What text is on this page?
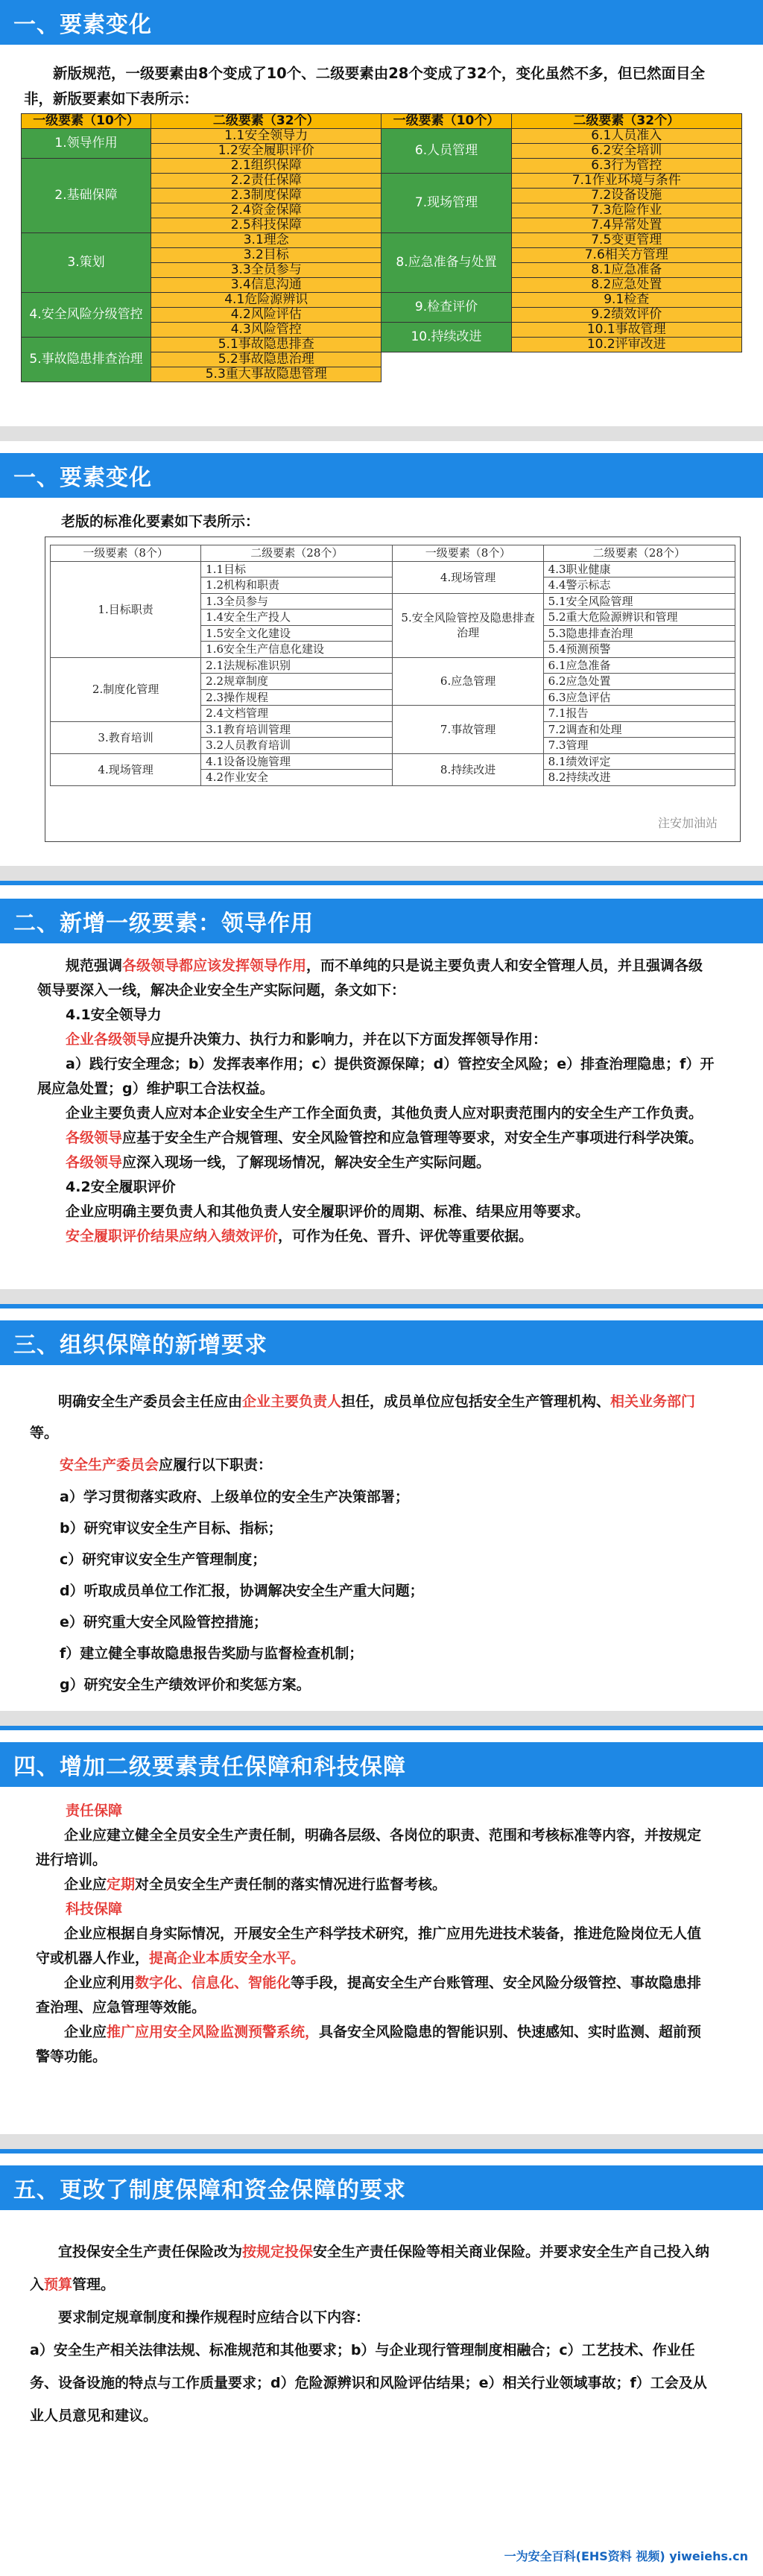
一、要素变化
新版规范，一级要素由8个变成了10个、二级要素由28个变成了32个，变化虽然不多，但已然面目全非，新版要素如下表所示：
一级要素（10个）	二级要素（32个）	一级要素（10个）	二级要素（32个）
1.领导作用	1.1安全领导力	6.人员管理	6.1人员准入
	1.2安全履职评价		6.2安全培训
2.基础保障	2.1组织保障		6.3行为管控
	2.2责任保障	7.现场管理	7.1作业环境与条件
	2.3制度保障		7.2设备设施
	2.4资金保障		7.3危险作业
	2.5科技保障		7.4异常处置
3.策划	3.1理念	8.应急准备与处置	7.5变更管理
	3.2目标		7.6相关方管理
	3.3全员参与		8.1应急准备
	3.4信息沟通		8.2应急处置
4.安全风险分级管控	4.1危险源辨识	9.检查评价	9.1检查
	4.2风险评估		9.2绩效评价
	4.3风险管控	10.持续改进	10.1事故管理
5.事故隐患排查治理	5.1事故隐患排查		10.2评审改进
	5.2事故隐患治理		
	5.3重大事故隐患管理		
一、要素变化
老版的标准化要素如下表所示：
一级要素（8个）	二级要素（28个）	一级要素（8个）	二级要素（28个）
1.目标职责	1.1目标	4.现场管理	4.3职业健康
	1.2机构和职责		4.4警示标志
	1.3全员参与	5.安全风险管控及隐患排查治理	5.1安全风险管理
	1.4安全生产投人		5.2重大危险源辨识和管理
	1.5安全文化建设		5.3隐患排查治理
	1.6安全生产信息化建设		5.4预测预警
2.制度化管理	2.1法规标准识别	6.应急管理	6.1应急准备
	2.2规章制度		6.2应急处置
	2.3操作规程		6.3应急评估
	2.4文档管理	7.事故管理	7.1报告
3.教育培训	3.1教育培训管理		7.2调查和处理
	3.2人员教育培训		7.3管理
4.现场管理	4.1设备设施管理	8.持续改进	8.1绩效评定
	4.2作业安全		8.2持续改进
注安加油站
二、新增一级要素：领导作用
规范强调各级领导都应该发挥领导作用，而不单纯的只是说主要负责人和安全管理人员，并且强调各级领导要深入一线，解决企业安全生产实际问题，条文如下：
4.1安全领导力
企业各级领导应提升决策力、执行力和影响力，并在以下方面发挥领导作用：
a）践行安全理念；b）发挥表率作用；c）提供资源保障；d）管控安全风险；e）排查治理隐患；f）开展应急处置；g）维护职工合法权益。
企业主要负责人应对本企业安全生产工作全面负责，其他负责人应对职责范围内的安全生产工作负责。
各级领导应基于安全生产合规管理、安全风险管控和应急管理等要求，对安全生产事项进行科学决策。
各级领导应深入现场一线，了解现场情况，解决安全生产实际问题。
4.2安全履职评价
企业应明确主要负责人和其他负责人安全履职评价的周期、标准、结果应用等要求。
安全履职评价结果应纳入绩效评价，可作为任免、晋升、评优等重要依据。
三、组织保障的新增要求
明确安全生产委员会主任应由企业主要负责人担任，成员单位应包括安全生产管理机构、相关业务部门等。
安全生产委员会应履行以下职责：
a）学习贯彻落实政府、上级单位的安全生产决策部署；
b）研究审议安全生产目标、指标；
c）研究审议安全生产管理制度；
d）听取成员单位工作汇报，协调解决安全生产重大问题；
e）研究重大安全风险管控措施；
f）建立健全事故隐患报告奖励与监督检查机制；
g）研究安全生产绩效评价和奖惩方案。
四、增加二级要素责任保障和科技保障
责任保障
企业应建立健全全员安全生产责任制，明确各层级、各岗位的职责、范围和考核标准等内容，并按规定进行培训。
企业应定期对全员安全生产责任制的落实情况进行监督考核。
科技保障
企业应根据自身实际情况，开展安全生产科学技术研究，推广应用先进技术装备，推进危险岗位无人值守或机器人作业，提高企业本质安全水平。
企业应利用数字化、信息化、智能化等手段，提高安全生产台账管理、安全风险分级管控、事故隐患排查治理、应急管理等效能。
企业应推广应用安全风险监测预警系统，具备安全风险隐患的智能识别、快速感知、实时监测、超前预警等功能。
五、更改了制度保障和资金保障的要求
宜投保安全生产责任保险改为按规定投保安全生产责任保险等相关商业保险。并要求安全生产自己投入纳入预算管理。
要求制定规章制度和操作规程时应结合以下内容：
a）安全生产相关法律法规、标准规范和其他要求；b）与企业现行管理制度相融合；c）工艺技术、作业任务、设备设施的特点与工作质量要求；d）危险源辨识和风险评估结果；e）相关行业领域事故；f）工会及从业人员意见和建议。
一为安全百科(EHS资料 视频) yiweiehs.cn
